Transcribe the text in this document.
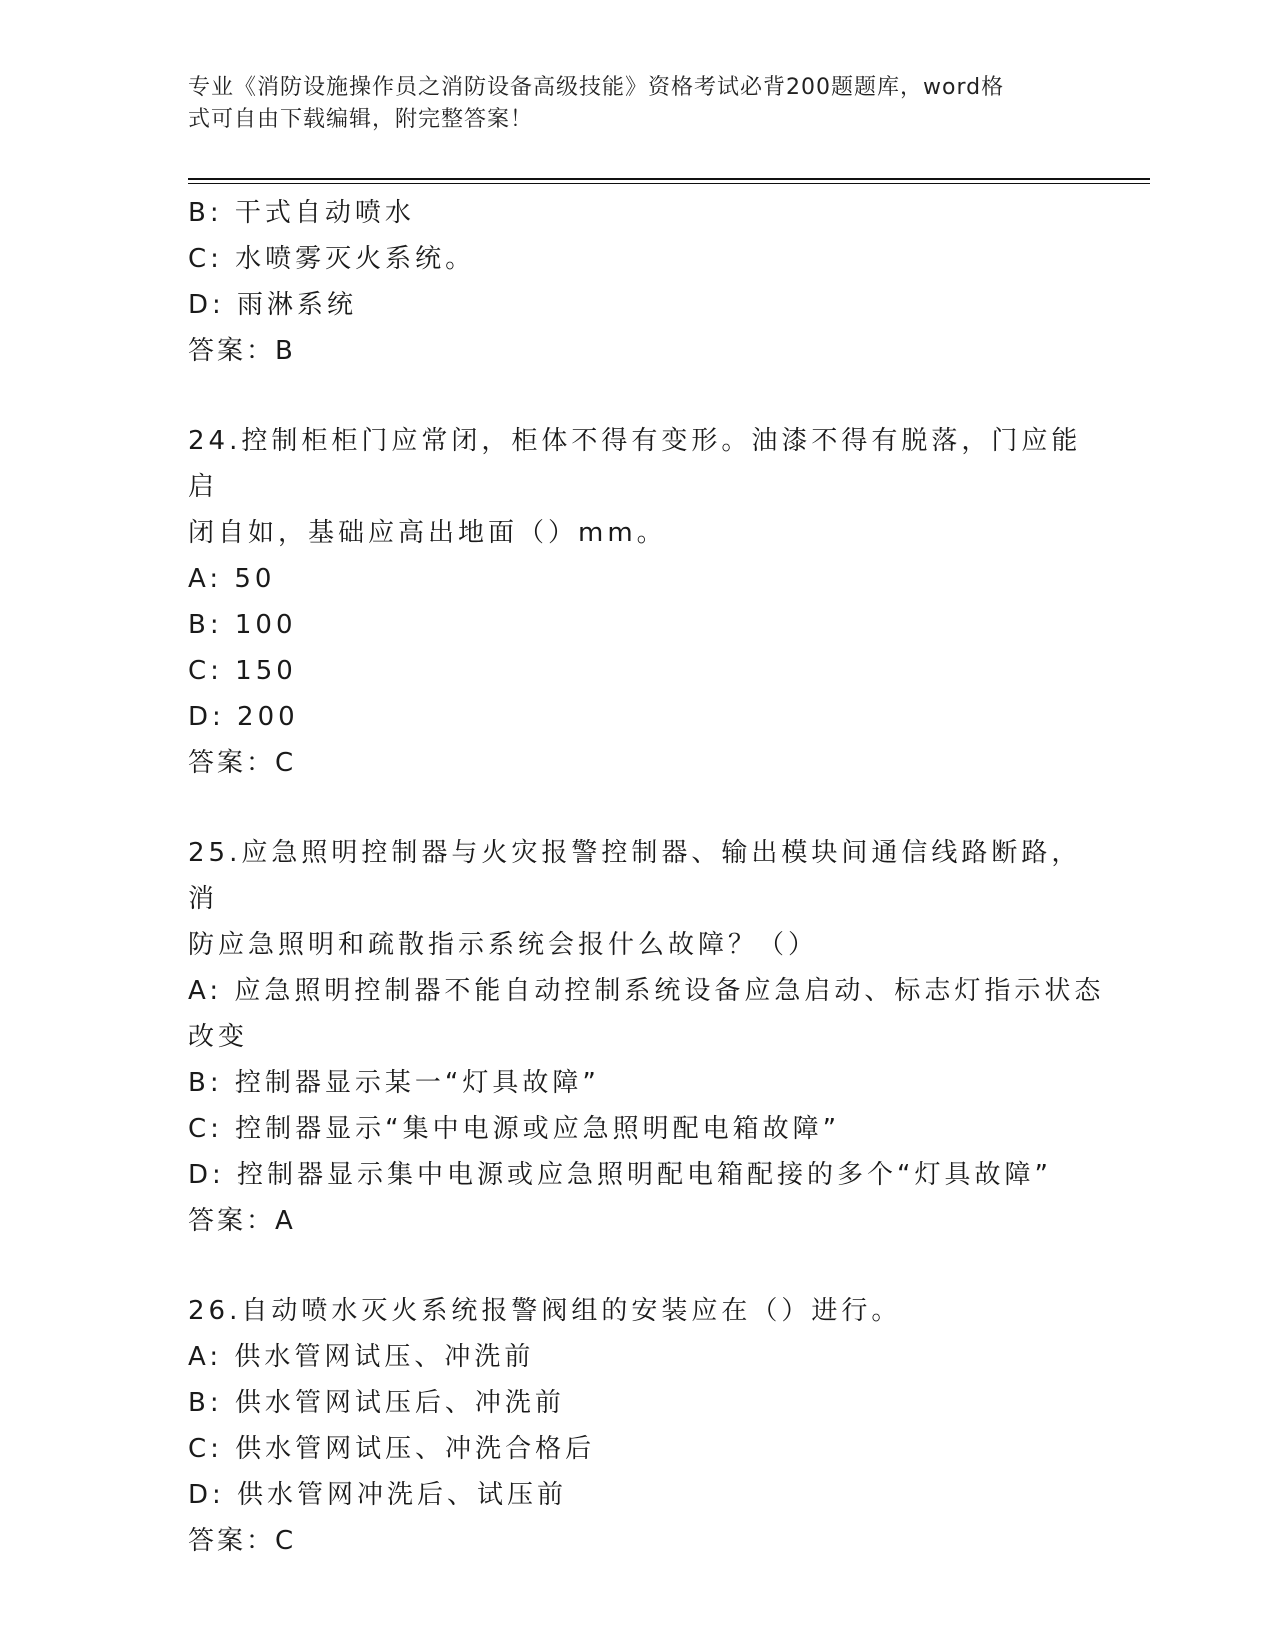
专业《消防设施操作员之消防设备高级技能》资格考试必背200题题库，word格
式可自由下载编辑，附完整答案！
B: 干式自动喷水
C: 水喷雾灭火系统。
D: 雨淋系统
答案：B
24.控制柜柜门应常闭，柜体不得有变形。油漆不得有脱落，门应能启
闭自如，基础应高出地面（）mm。
A: 50
B: 100
C: 150
D: 200
答案：C
25.应急照明控制器与火灾报警控制器、输出模块间通信线路断路，消
防应急照明和疏散指示系统会报什么故障？（）
A: 应急照明控制器不能自动控制系统设备应急启动、标志灯指示状态
改变
B: 控制器显示某一“灯具故障”
C: 控制器显示“集中电源或应急照明配电箱故障”
D: 控制器显示集中电源或应急照明配电箱配接的多个“灯具故障”
答案：A
26.自动喷水灭火系统报警阀组的安装应在（）进行。
A: 供水管网试压、冲洗前
B: 供水管网试压后、冲洗前
C: 供水管网试压、冲洗合格后
D: 供水管网冲洗后、试压前
答案：C
